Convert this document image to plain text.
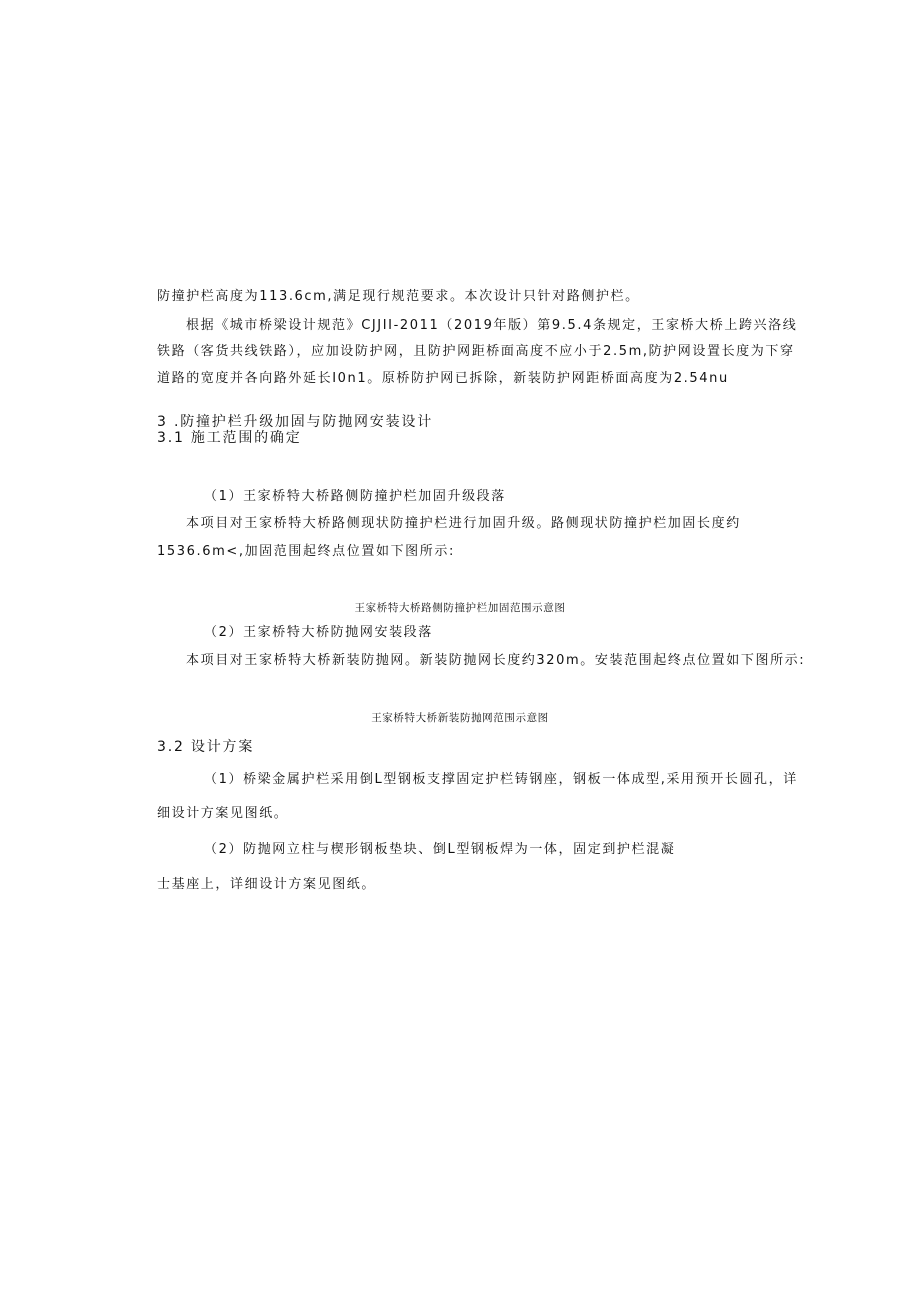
防撞护栏高度为113.6cm,满足现行规范要求。本次设计只针对路侧护栏。
根据《城市桥梁设计规范》CJJII-2011（2019年版）第9.5.4条规定，王家桥大桥上跨兴洛线
铁路（客货共线铁路），应加设防护网，且防护网距桥面高度不应小于2.5m,防护网设置长度为下穿
道路的宽度并各向路外延长I0n1。原桥防护网已拆除，新装防护网距桥面高度为2.54nu
3 .防撞护栏升级加固与防抛网安装设计
3.1 施工范围的确定
（1）王家桥特大桥路侧防撞护栏加固升级段落
本项目对王家桥特大桥路侧现状防撞护栏进行加固升级。路侧现状防撞护栏加固长度约
1536.6m<,加固范围起终点位置如下图所示:
王家桥特大桥路侧防撞护栏加固范围示意图
（2）王家桥特大桥防抛网安装段落
本项目对王家桥特大桥新装防抛网。新装防抛网长度约320m。安装范围起终点位置如下图所示:
王家桥特大桥新装防抛网范围示意图
3.2 设计方案
（1）桥梁金属护栏采用倒L型钢板支撑固定护栏铸钢座，钢板一体成型,采用预开长圆孔，详
细设计方案见图纸。
（2）防抛网立柱与楔形钢板垫块、倒L型钢板焊为一体，固定到护栏混凝
士基座上，详细设计方案见图纸。
